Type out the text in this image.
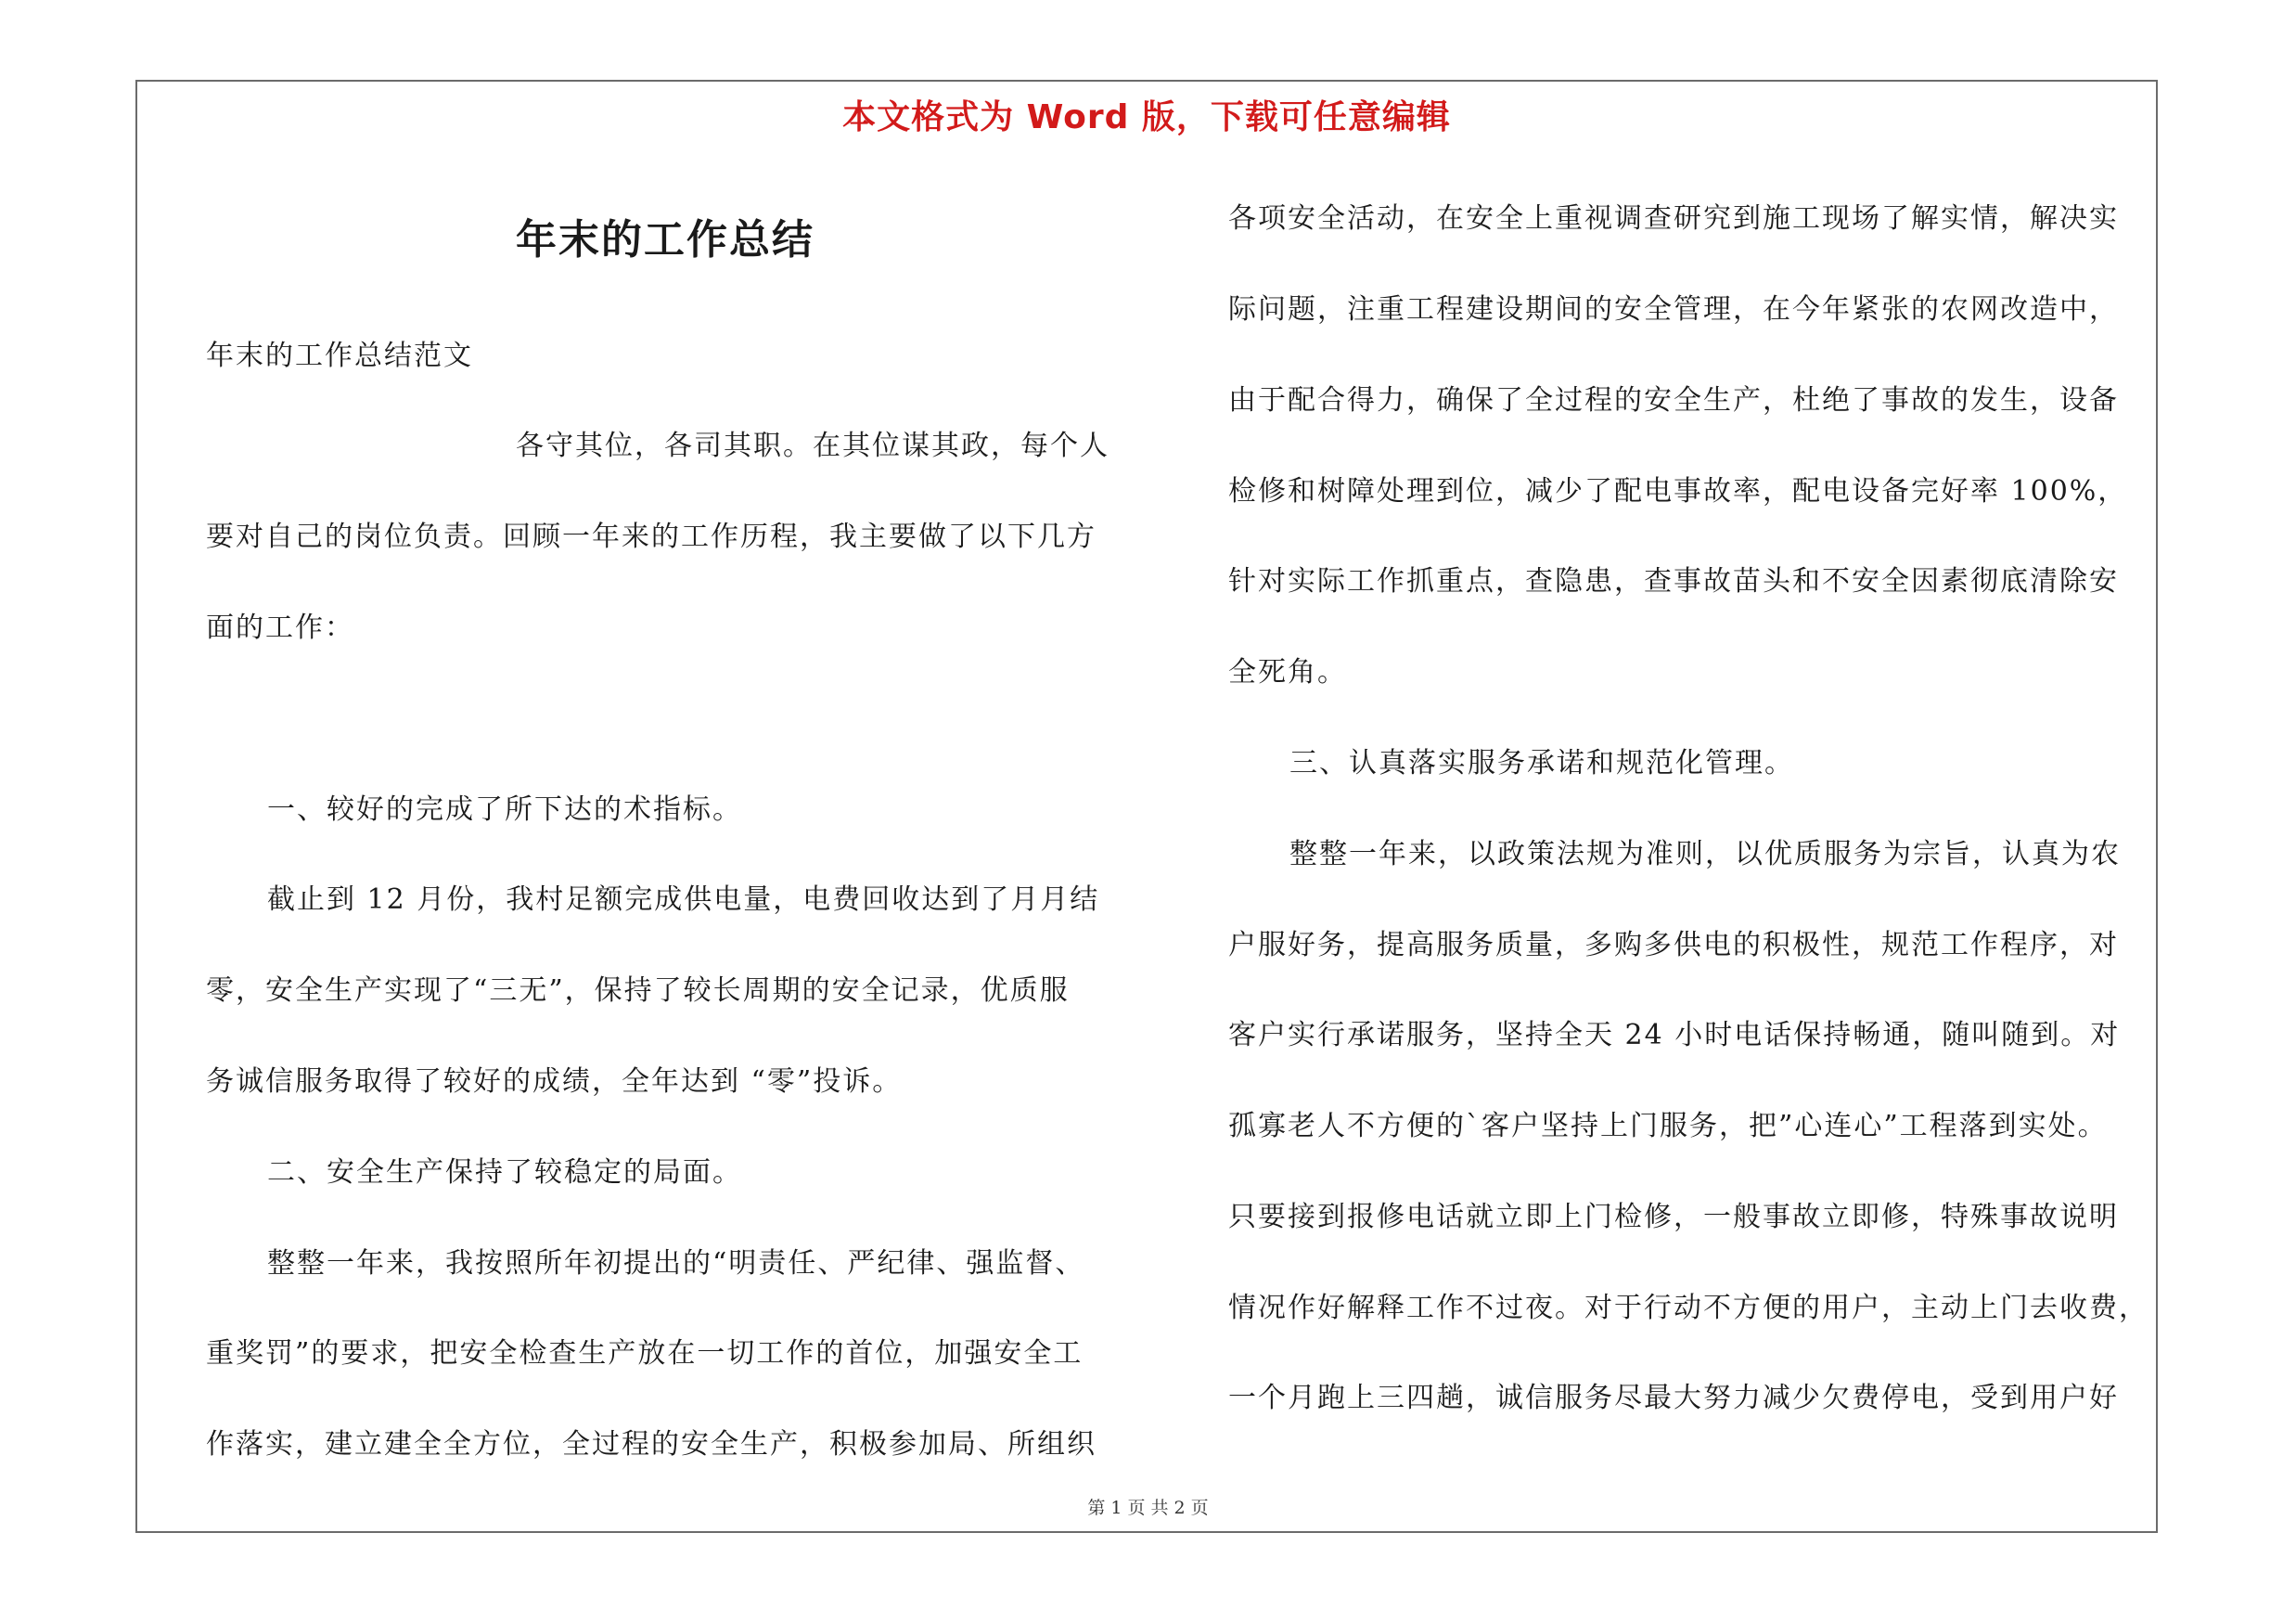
本文格式为 Word 版，下载可任意编辑
年末的工作总结
年末的工作总结范文
各守其位，各司其职。在其位谋其政，每个人
要对自己的岗位负责。回顾一年来的工作历程，我主要做了以下几方
面的工作：
一、较好的完成了所下达的术指标。
截止到 12 月份，我村足额完成供电量，电费回收达到了月月结
零，安全生产实现了“三无”，保持了较长周期的安全记录，优质服
务诚信服务取得了较好的成绩，全年达到 “零”投诉。
二、安全生产保持了较稳定的局面。
整整一年来，我按照所年初提出的“明责任、严纪律、强监督、
重奖罚”的要求，把安全检查生产放在一切工作的首位，加强安全工
作落实，建立建全全方位，全过程的安全生产，积极参加局、所组织
各项安全活动，在安全上重视调查研究到施工现场了解实情，解决实
际问题，注重工程建设期间的安全管理，在今年紧张的农网改造中，
由于配合得力，确保了全过程的安全生产，杜绝了事故的发生，设备
检修和树障处理到位，减少了配电事故率，配电设备完好率 100%，
针对实际工作抓重点，查隐患，查事故苗头和不安全因素彻底清除安
全死角。
三、认真落实服务承诺和规范化管理。
整整一年来，以政策法规为准则，以优质服务为宗旨，认真为农
户服好务，提高服务质量，多购多供电的积极性，规范工作程序，对
客户实行承诺服务，坚持全天 24 小时电话保持畅通，随叫随到。对
孤寡老人不方便的`客户坚持上门服务，把”心连心”工程落到实处。
只要接到报修电话就立即上门检修，一般事故立即修，特殊事故说明
情况作好解释工作不过夜。对于行动不方便的用户，主动上门去收费，
一个月跑上三四趟，诚信服务尽最大努力减少欠费停电，受到用户好
第 1 页 共 2 页
